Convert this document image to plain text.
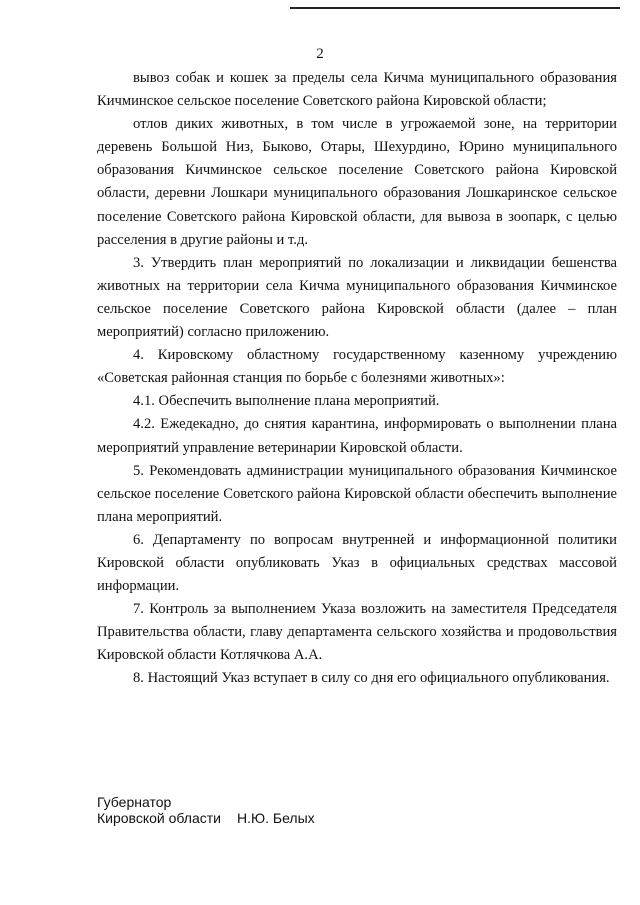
2

вывоз собак и кошек за пределы села Кичма муниципального образования Кичминское сельское поселение Советского района Кировской области;

отлов диких животных, в том числе в угрожаемой зоне, на территории деревень Большой Низ, Быково, Отары, Шехурдино, Юрино муниципального образования Кичминское сельское поселение Советского района Кировской области, деревни Лошкари муниципального образования Лошкаринское сельское поселение Советского района Кировской области, для вывоза в зоопарк, с целью расселения в другие районы и т.д.

3. Утвердить план мероприятий по локализации и ликвидации бешенства животных на территории села Кичма муниципального образования Кичминское сельское поселение Советского района Кировской области (далее – план мероприятий) согласно приложению.

4. Кировскому областному государственному казенному учреждению «Советская районная станция по борьбе с болезнями животных»:

4.1. Обеспечить выполнение плана мероприятий.

4.2. Ежедекадно, до снятия карантина, информировать о выполнении плана мероприятий управление ветеринарии Кировской области.

5. Рекомендовать администрации муниципального образования Кичминское сельское поселение Советского района Кировской области обеспечить выполнение плана мероприятий.

6. Департаменту по вопросам внутренней и информационной политики Кировской области опубликовать Указ в официальных средствах массовой информации.

7. Контроль за выполнением Указа возложить на заместителя Председателя Правительства области, главу департамента сельского хозяйства и продовольствия Кировской области Котлячкова А.А.

8. Настоящий Указ вступает в силу со дня его официального опубликования.

Губернатор
Кировской области Н.Ю. Белых
